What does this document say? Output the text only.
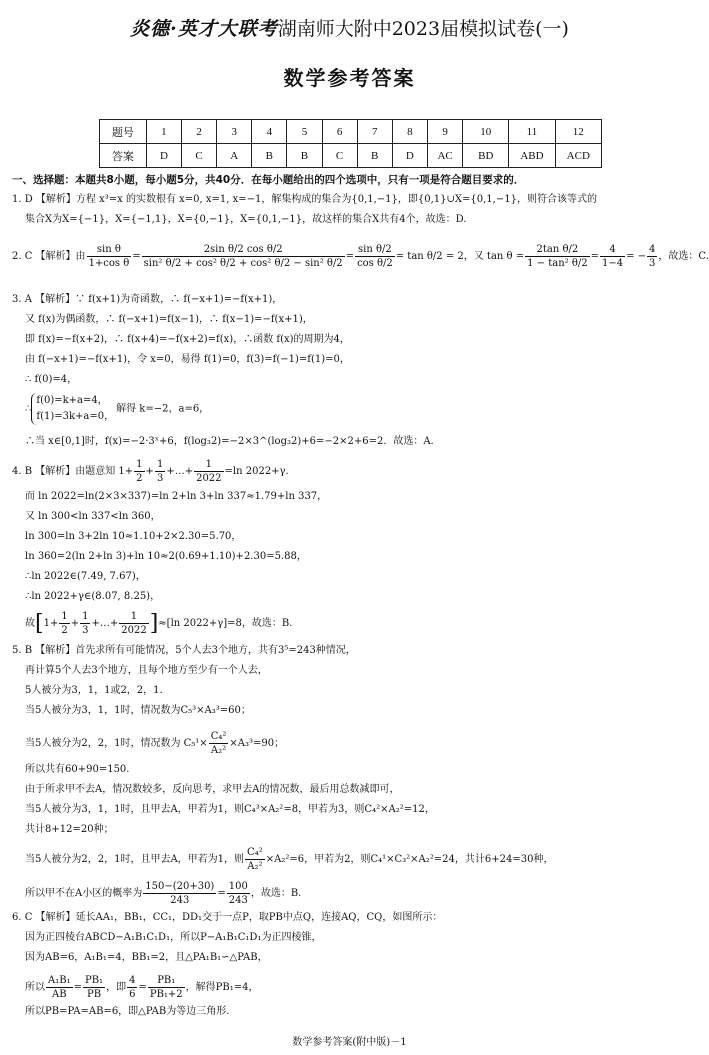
炎德·英才大联考湖南师大附中2023届模拟试卷(一)
数学参考答案
题号	1	2	3	4	5	6	7	8	9	10	11	12
答案	D	C	A	B	B	C	B	D	AC	BD	ABD	ACD
一、选择题：本题共8小题，每小题5分，共40分．在每小题给出的四个选项中，只有一项是符合题目要求的．
1. D 【解析】方程 x³=x 的实数根有 x=0, x=1, x=−1，解集构成的集合为{0,1,−1}，即{0,1}∪X={0,1,−1}，则符合该等式的
集合X为X={−1}，X={−1,1}，X={0,−1}，X={0,1,−1}，故这样的集合X共有4个，故选：D.
2. C 【解析】由 $\frac{\text{sin θ}}{\text{1+cos θ}} = \frac{\text{2sin θ/2 cos θ/2}}{\text{sin² θ/2 + cos² θ/2 + cos² θ/2 − sin² θ/2}} = \frac{\text{sin θ/2}}{\text{cos θ/2}} = \tan \theta/2 = 2$，又 $\tan \theta = \frac{\text{2tan θ/2}}{\text{1 − tan² θ/2}} = \frac{4}{1-4}$ = − $\frac{4}{3}$ ，故选：C.
3. A 【解析】∵ f(x+1)为奇函数，∴ f(−x+1)=−f(x+1)，
又 f(x)为偶函数，∴ f(−x+1)=f(x−1)，∴ f(x−1)=−f(x+1)，
即 f(x)=−f(x+2)，∴ f(x+4)=−f(x+2)=f(x)，∴函数 f(x)的周期为4，
由 f(−x+1)=−f(x+1)，令 x=0，易得 f(1)=0，f(3)=f(−1)=f(1)=0，
∴ f(0)=4，
∴
f(0)=k+a=4，
f(1)=3k+a=0，
解得 k=−2，a=6，
∴当 x∈[0,1]时，f(x)=−2·3ˣ+6，f(log₃2)=−2×3^(log₃2)+6=−2×2+6=2．故选：A.
4. B 【解析】由题意知 $1+ \frac{1}{2} + \frac{1}{3}$ +…+ $\frac{1}{2022} =\ln$ 2022+γ．
而 ln 2022=ln(2×3×337)=ln 2+ln 3+ln 337≈1.79+ln 337，
又 ln 300<ln 337<ln 360，
ln 300=ln 3+2ln 10≈1.10+2×2.30=5.70，
ln 360=2(ln 2+ln 3)+ln 10≈2(0.69+1.10)+2.30=5.88，
∴ln 2022∈(7.49, 7.67)，
∴ln 2022+γ∈(8.07, 8.25)，
故[$1+ \frac{1}{2} + \frac{1}{3}$ +…+ $\frac{1}{2022} ]\approx[\ln$ 2022+γ]=8，故选：B.
5. B 【解析】首先求所有可能情况，5个人去3个地方，共有3⁵=243种情况，
再计算5个人去3个地方，且每个地方至少有一个人去，
5人被分为3，1，1或2，2，1.
当5人被分为3，1，1时，情况数为C₅³×A₃³=60；
当5人被分为2，2，1时，情况数为 $C_5^1\times \frac{\text{C₄²}}{\text{A₂²}} \times A_3^3=90$；
所以共有60+90=150.
由于所求甲不去A，情况数较多，反向思考，求甲去A的情况数，最后用总数减即可，
当5人被分为3，1，1时，且甲去A，甲若为1，则C₄³×A₂²=8，甲若为3，则C₄²×A₂²=12，
共计8+12=20种；
当5人被分为2，2，1时，且甲去A，甲若为1，则 $\frac{\text{C₄²}}{\text{A₂²}} \times A_2^2=6$，甲若为2，则C₄¹×C₃²×A₂²=24，共计6+24=30种，
所以甲不在A小区的概率为 $\frac{150-(20+30)}{243} = \frac{100}{243}$ ，故选：B.
6. C 【解析】延长AA₁，BB₁，CC₁，DD₁交于一点P，取PB中点Q，连接AQ，CQ，如图所示：
因为正四棱台ABCD−A₁B₁C₁D₁，所以P−A₁B₁C₁D₁为正四棱锥，
因为AB=6，A₁B₁=4，BB₁=2，且△PA₁B₁∽△PAB，
所以 $\frac{\text{A₁B₁}}{AB} = \frac{\text{PB₁}}{PB}$ ，即 $\frac{4}{6} = \frac{\text{PB₁}}{\text{PB₁+2}}$ ，解得PB₁=4，
所以PB=PA=AB=6，即△PAB为等边三角形.
数学参考答案(附中版)－1
